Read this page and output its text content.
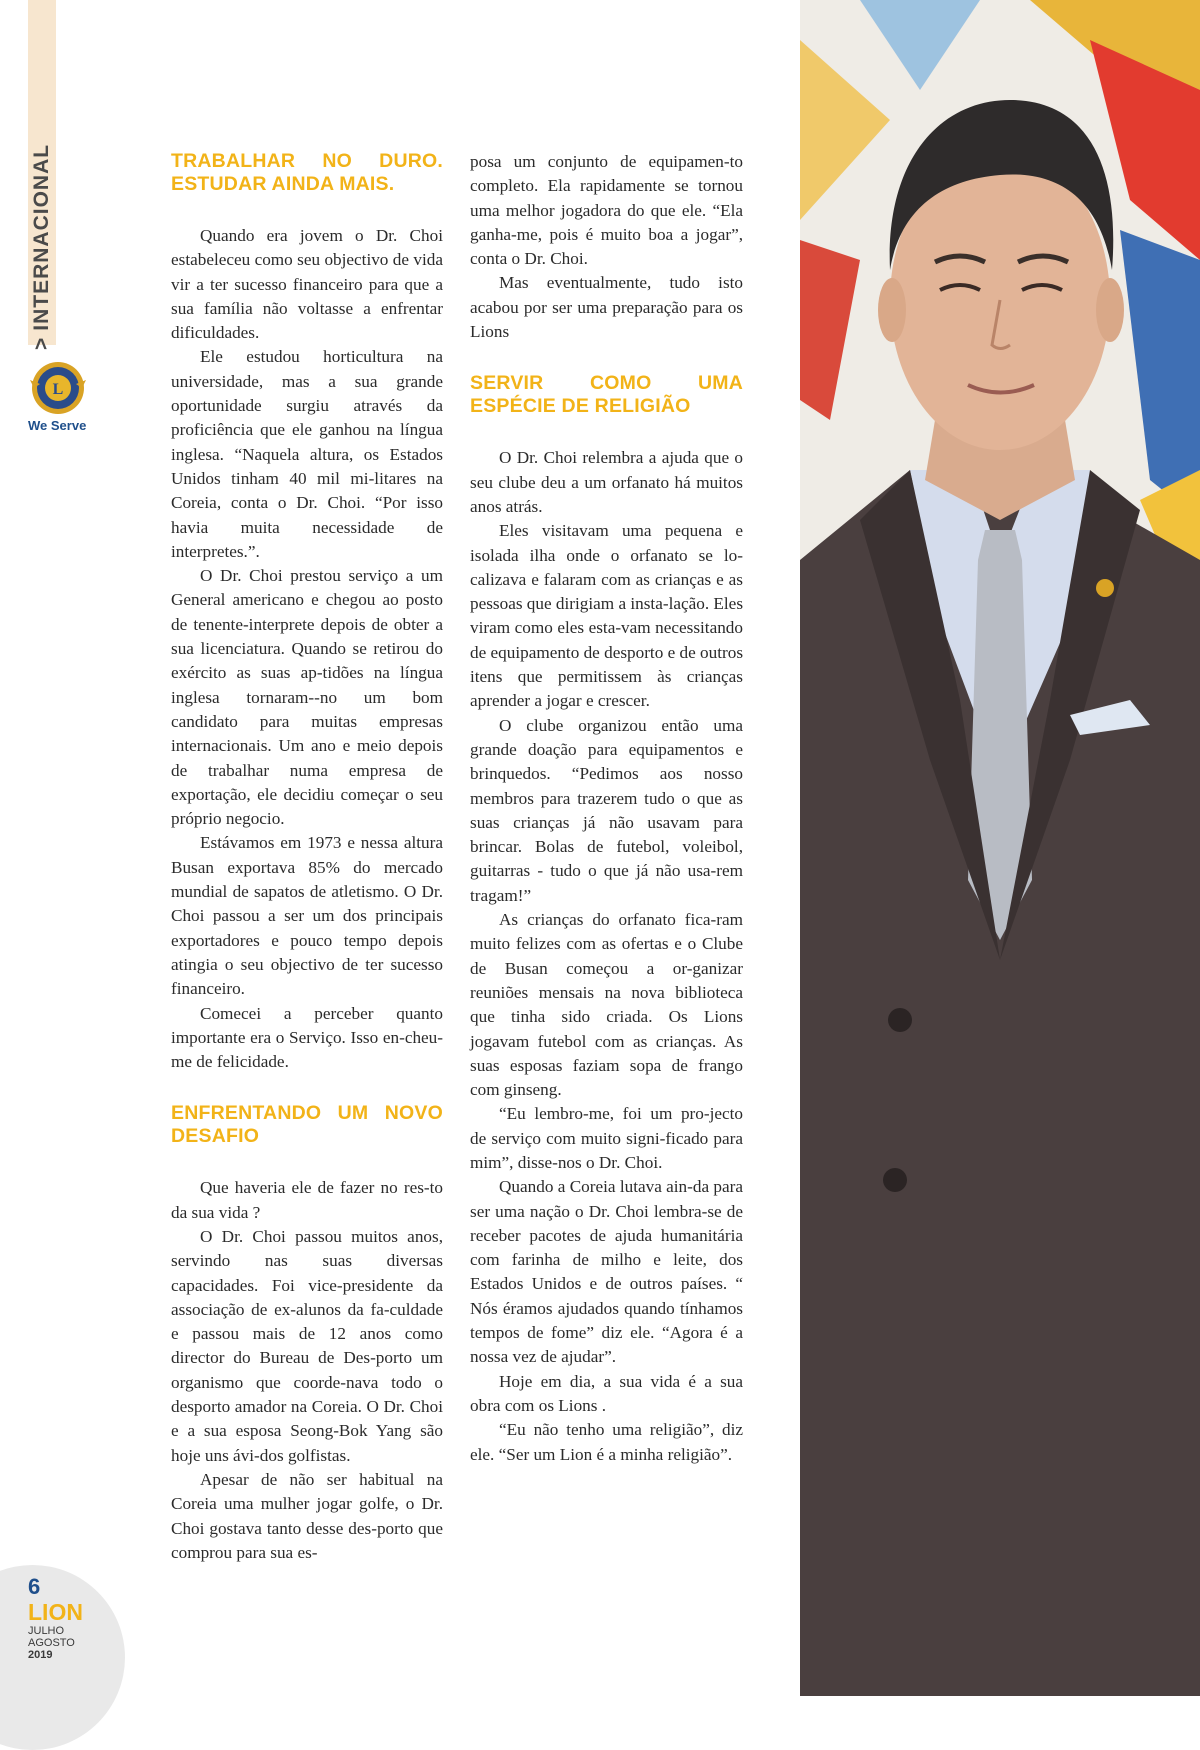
>INTERNACIONAL
L
We Serve
TRABALHAR NO DURO. ESTUDAR AINDA MAIS.

Quando era jovem o Dr. Choi estabeleceu como seu objectivo de vida vir a ter sucesso financeiro para que a sua família não voltasse a enfrentar dificuldades.

Ele estudou horticultura na universidade, mas a sua grande oportunidade surgiu através da proficiência que ele ganhou na língua inglesa. “Naquela altura, os Estados Unidos tinham 40 mil mi-litares na Coreia, conta o Dr. Choi. “Por isso havia muita necessidade de interpretes.”.

O Dr. Choi prestou serviço a um General americano e chegou ao posto de tenente-interprete depois de obter a sua licenciatura. Quando se retirou do exército as suas ap-tidões na língua inglesa tornaram--no um bom candidato para muitas empresas internacionais. Um ano e meio depois de trabalhar numa empresa de exportação, ele decidiu começar o seu próprio negocio.

Estávamos em 1973 e nessa altura Busan exportava 85% do mercado mundial de sapatos de atletismo. O Dr. Choi passou a ser um dos principais exportadores e pouco tempo depois atingia o seu objectivo de ter sucesso financeiro.

Comecei a perceber quanto importante era o Serviço. Isso en-cheu-me de felicidade.

ENFRENTANDO UM NOVO DESAFIO

Que haveria ele de fazer no res-to da sua vida ?

O Dr. Choi passou muitos anos, servindo nas suas diversas capacidades. Foi vice-presidente da associação de ex-alunos da fa-culdade e passou mais de 12 anos como director do Bureau de Des-porto um organismo que coorde-nava todo o desporto amador na Coreia. O Dr. Choi e a sua esposa Seong-Bok Yang são hoje uns ávi-dos golfistas.

Apesar de não ser habitual na Coreia uma mulher jogar golfe, o Dr. Choi gostava tanto desse des-porto que comprou para sua es-

posa um conjunto de equipamen-to completo. Ela rapidamente se tornou uma melhor jogadora do que ele. “Ela ganha-me, pois é muito boa a jogar”, conta o Dr. Choi.

Mas eventualmente, tudo isto acabou por ser uma preparação para os Lions

SERVIR COMO UMA ESPÉCIE DE RELIGIÃO

O Dr. Choi relembra a ajuda que o seu clube deu a um orfanato há muitos anos atrás.

Eles visitavam uma pequena e isolada ilha onde o orfanato se lo-calizava e falaram com as crianças e as pessoas que dirigiam a insta-lação. Eles viram como eles esta-vam necessitando de equipamento de desporto e de outros itens que permitissem às crianças aprender a jogar e crescer.

O clube organizou então uma grande doação para equipamentos e brinquedos. “Pedimos aos nosso membros para trazerem tudo o que as suas crianças já não usavam para brincar. Bolas de futebol, voleibol, guitarras - tudo o que já não usa-rem tragam!”

As crianças do orfanato fica-ram muito felizes com as ofertas e o Clube de Busan começou a or-ganizar reuniões mensais na nova biblioteca que tinha sido criada. Os Lions jogavam futebol com as crianças. As suas esposas faziam sopa de frango com ginseng.

“Eu lembro-me, foi um pro-jecto de serviço com muito signi-ficado para mim”, disse-nos o Dr. Choi.

Quando a Coreia lutava ain-da para ser uma nação o Dr. Choi lembra-se de receber pacotes de ajuda humanitária com farinha de milho e leite, dos Estados Unidos e de outros países. “ Nós éramos ajudados quando tínhamos tempos de fome” diz ele. “Agora é a nossa vez de ajudar”.

Hoje em dia, a sua vida é a sua obra com os Lions .

“Eu não tenho uma religião”, diz ele. “Ser um Lion é a minha religião”.

6
LION
JULHO
AGOSTO
2019
